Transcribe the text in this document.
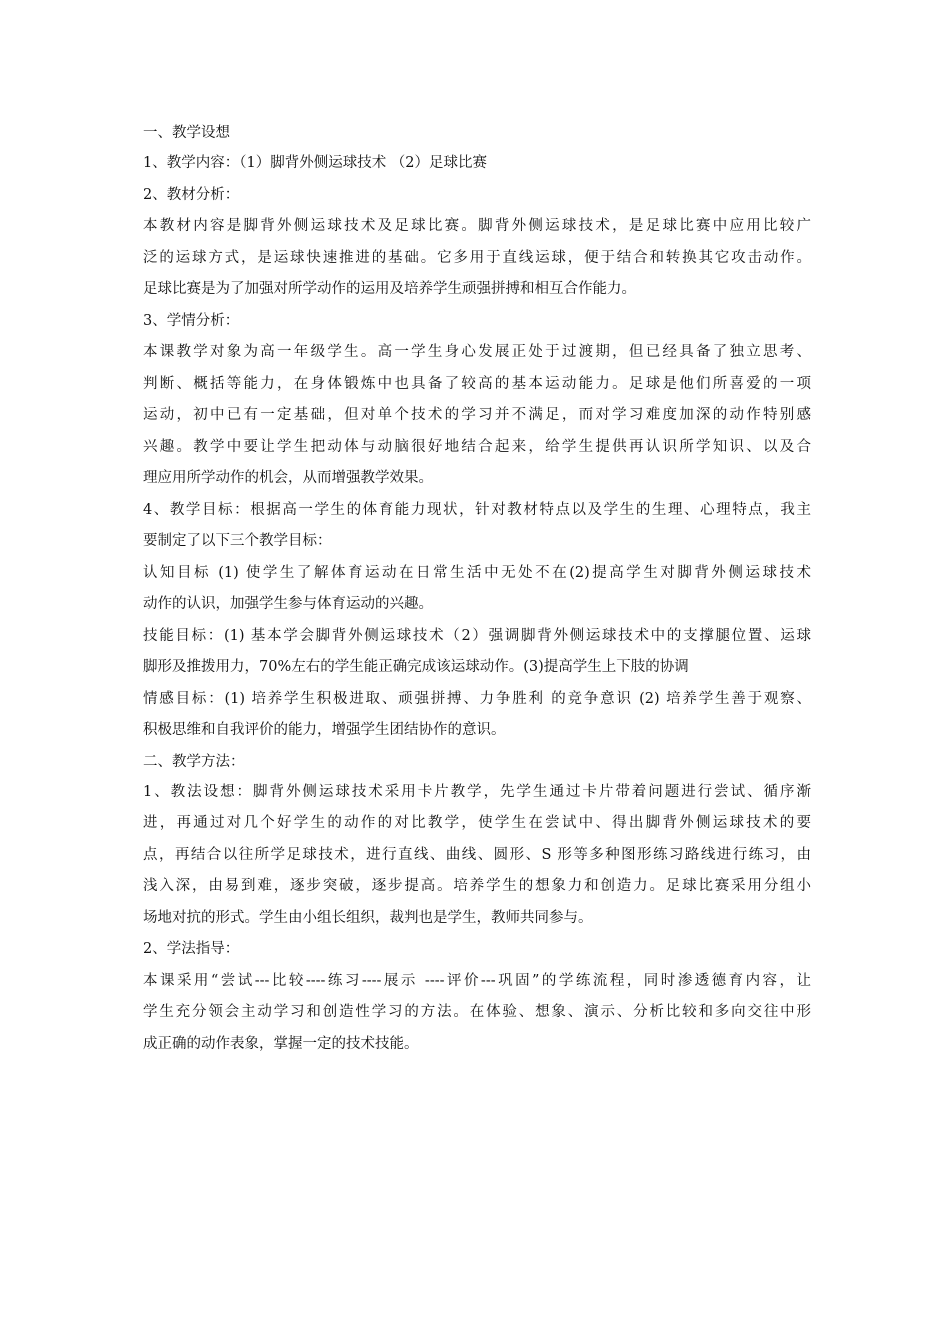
一、教学设想
1、教学内容：（1）脚背外侧运球技术 （2）足球比赛
2、教材分析：
本教材内容是脚背外侧运球技术及足球比赛。脚背外侧运球技术，是足球比赛中应用比较广
泛的运球方式，是运球快速推进的基础。它多用于直线运球，便于结合和转换其它攻击动作。
足球比赛是为了加强对所学动作的运用及培养学生顽强拼搏和相互合作能力。
3、学情分析：
本课教学对象为高一年级学生。高一学生身心发展正处于过渡期，但已经具备了独立思考、
判断、概括等能力，在身体锻炼中也具备了较高的基本运动能力。足球是他们所喜爱的一项
运动，初中已有一定基础，但对单个技术的学习并不满足，而对学习难度加深的动作特别感
兴趣。教学中要让学生把动体与动脑很好地结合起来，给学生提供再认识所学知识、以及合
理应用所学动作的机会，从而增强教学效果。
4、教学目标：根据高一学生的体育能力现状，针对教材特点以及学生的生理、心理特点，我主
要制定了以下三个教学目标：
认知目标 (1) 使学生了解体育运动在日常生活中无处不在(2)提高学生对脚背外侧运球技术
动作的认识，加强学生参与体育运动的兴趣。
技能目标：(1) 基本学会脚背外侧运球技术（2）强调脚背外侧运球技术中的支撑腿位置、运球
脚形及推拨用力，70%左右的学生能正确完成该运球动作。(3)提高学生上下肢的协调
情感目标：(1) 培养学生积极进取、顽强拼搏、力争胜利 的竞争意识 (2) 培养学生善于观察、
积极思维和自我评价的能力，增强学生团结协作的意识。
二、教学方法：
1、教法设想：脚背外侧运球技术采用卡片教学，先学生通过卡片带着问题进行尝试、循序渐
进，再通过对几个好学生的动作的对比教学，使学生在尝试中、得出脚背外侧运球技术的要
点，再结合以往所学足球技术，进行直线、曲线、圆形、S 形等多种图形练习路线进行练习，由
浅入深，由易到难，逐步突破，逐步提高。培养学生的想象力和创造力。足球比赛采用分组小
场地对抗的形式。学生由小组长组织，裁判也是学生，教师共同参与。
2、学法指导：
本课采用“尝试---比较----练习----展示 ----评价---巩固”的学练流程，同时渗透德育内容，让
学生充分领会主动学习和创造性学习的方法。在体验、想象、演示、分析比较和多向交往中形
成正确的动作表象，掌握一定的技术技能。
